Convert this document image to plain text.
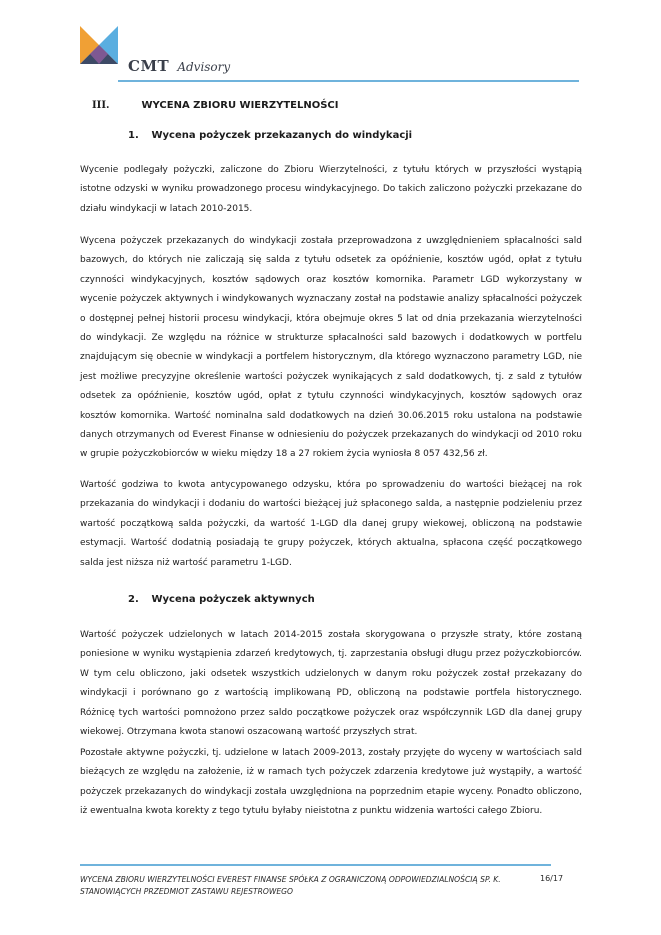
CMT Advisory
III.	WYCENA ZBIORU WIERZYTELNOŚCI
1. Wycena pożyczek przekazanych do windykacji

Wycenie podlegały pożyczki, zaliczone do Zbioru Wierzytelności, z tytułu których w przyszłości wystąpią istotne odzyski w wyniku prowadzonego procesu windykacyjnego. Do takich zaliczono pożyczki przekazane do działu windykacji w latach 2010-2015.

Wycena pożyczek przekazanych do windykacji została przeprowadzona z uwzględnieniem spłacalności sald bazowych, do których nie zaliczają się salda z tytułu odsetek za opóźnienie, kosztów ugód, opłat z tytułu czynności windykacyjnych, kosztów sądowych oraz kosztów komornika. Parametr LGD wykorzystany w wycenie pożyczek aktywnych i windykowanych wyznaczany został na podstawie analizy spłacalności pożyczek o dostępnej pełnej historii procesu windykacji, która obejmuje okres 5 lat od dnia przekazania wierzytelności do windykacji. Ze względu na różnice w strukturze spłacalności sald bazowych i dodatkowych w portfelu znajdującym się obecnie w windykacji a portfelem historycznym, dla którego wyznaczono parametry LGD, nie jest możliwe precyzyjne określenie wartości pożyczek wynikających z sald dodatkowych, tj. z sald z tytułów odsetek za opóźnienie, kosztów ugód, opłat z tytułu czynności windykacyjnych, kosztów sądowych oraz kosztów komornika. Wartość nominalna sald dodatkowych na dzień 30.06.2015 roku ustalona na podstawie danych otrzymanych od Everest Finanse w odniesieniu do pożyczek przekazanych do windykacji od 2010 roku w grupie pożyczkobiorców w wieku między 18 a 27 rokiem życia wyniosła 8 057 432,56 zł.

Wartość godziwa to kwota antycypowanego odzysku, która po sprowadzeniu do wartości bieżącej na rok przekazania do windykacji i dodaniu do wartości bieżącej już spłaconego salda, a następnie podzieleniu przez wartość początkową salda pożyczki, da wartość 1-LGD dla danej grupy wiekowej, obliczoną na podstawie estymacji. Wartość dodatnią posiadają te grupy pożyczek, których aktualna, spłacona część początkowego salda jest niższa niż wartość parametru 1-LGD.

2. Wycena pożyczek aktywnych

Wartość pożyczek udzielonych w latach 2014-2015 została skorygowana o przyszłe straty, które zostaną poniesione w wyniku wystąpienia zdarzeń kredytowych, tj. zaprzestania obsługi długu przez pożyczkobiorców. W tym celu obliczono, jaki odsetek wszystkich udzielonych w danym roku pożyczek został przekazany do windykacji i porównano go z wartością implikowaną PD, obliczoną na podstawie portfela historycznego. Różnicę tych wartości pomnożono przez saldo początkowe pożyczek oraz współczynnik LGD dla danej grupy wiekowej. Otrzymana kwota stanowi oszacowaną wartość przyszłych strat.

Pozostałe aktywne pożyczki, tj. udzielone w latach 2009-2013, zostały przyjęte do wyceny w wartościach sald bieżących ze względu na założenie, iż w ramach tych pożyczek zdarzenia kredytowe już wystąpiły, a wartość pożyczek przekazanych do windykacji została uwzględniona na poprzednim etapie wyceny. Ponadto obliczono, iż ewentualna kwota korekty z tego tytułu byłaby nieistotna z punktu widzenia wartości całego Zbioru.

WYCENA ZBIORU WIERZYTELNOŚCI EVEREST FINANSE SPÓŁKA Z OGRANICZONĄ ODPOWIEDZIALNOŚCIĄ SP. K. STANOWIĄCYCH PRZEDMIOT ZASTAWU REJESTROWEGO
16/17
